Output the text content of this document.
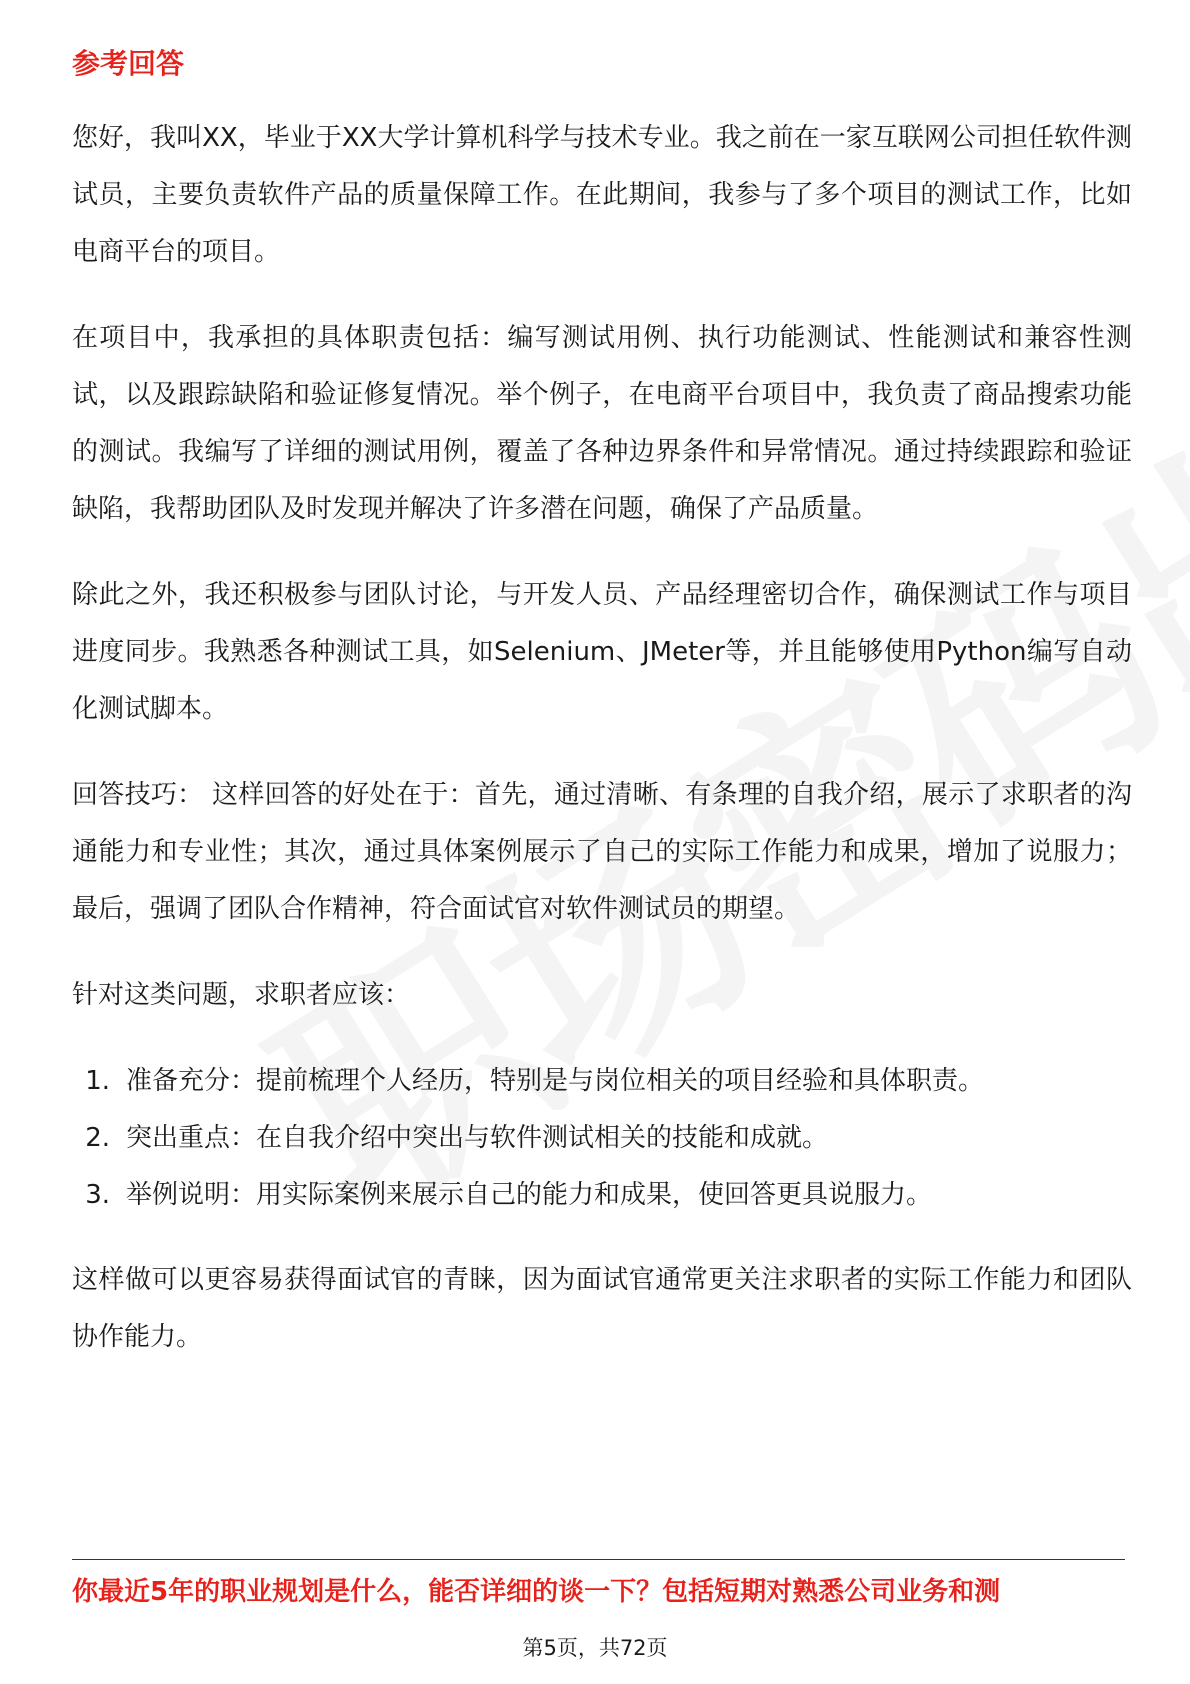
参考回答

您好，我叫XX，毕业于XX大学计算机科学与技术专业。我之前在一家互联网公司担任软件测试员，主要负责软件产品的质量保障工作。在此期间，我参与了多个项目的测试工作，比如电商平台的项目。

在项目中，我承担的具体职责包括：编写测试用例、执行功能测试、性能测试和兼容性测试，以及跟踪缺陷和验证修复情况。举个例子，在电商平台项目中，我负责了商品搜索功能的测试。我编写了详细的测试用例，覆盖了各种边界条件和异常情况。通过持续跟踪和验证缺陷，我帮助团队及时发现并解决了许多潜在问题，确保了产品质量。

除此之外，我还积极参与团队讨论，与开发人员、产品经理密切合作，确保测试工作与项目进度同步。我熟悉各种测试工具，如Selenium、JMeter等，并且能够使用Python编写自动化测试脚本。

回答技巧： 这样回答的好处在于：首先，通过清晰、有条理的自我介绍，展示了求职者的沟通能力和专业性；其次，通过具体案例展示了自己的实际工作能力和成果，增加了说服力；最后，强调了团队合作精神，符合面试官对软件测试员的期望。

针对这类问题，求职者应该：

1. 准备充分：提前梳理个人经历，特别是与岗位相关的项目经验和具体职责。
2. 突出重点：在自我介绍中突出与软件测试相关的技能和成就。
3. 举例说明：用实际案例来展示自己的能力和成果，使回答更具说服力。

这样做可以更容易获得面试官的青睐，因为面试官通常更关注求职者的实际工作能力和团队协作能力。

你最近5年的职业规划是什么，能否详细的谈一下？包括短期对熟悉公司业务和测
第5页，共72页
